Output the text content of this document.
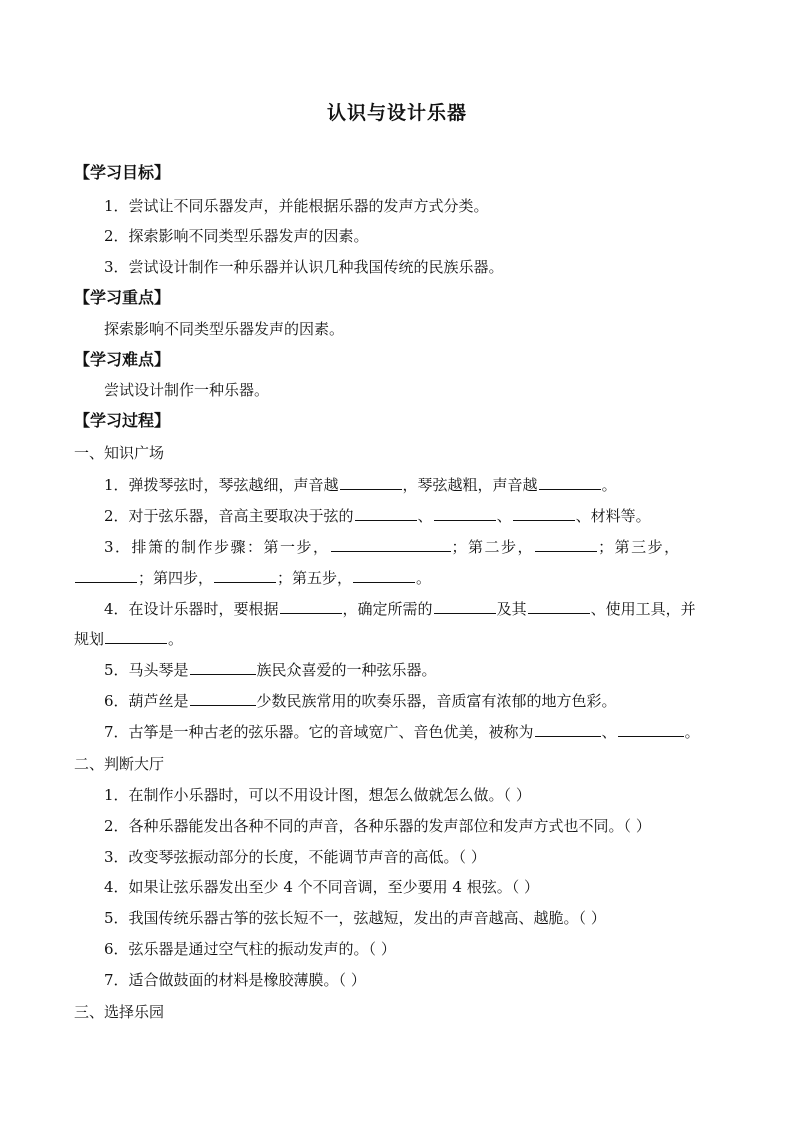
认识与设计乐器
【学习目标】
1．尝试让不同乐器发声，并能根据乐器的发声方式分类。
2．探索影响不同类型乐器发声的因素。
3．尝试设计制作一种乐器并认识几种我国传统的民族乐器。
【学习重点】
探索影响不同类型乐器发声的因素。
【学习难点】
尝试设计制作一种乐器。
【学习过程】
一、知识广场
1．弹拨琴弦时，琴弦越细，声音越	，琴弦越粗，声音越	。
2．对于弦乐器，音高主要取决于弦的	、	、	、材料等。
3．排箫的制作步骤：第一步，	；第二步，	；第三步，
；第四步，	；第五步，	。
4．在设计乐器时，要根据	，确定所需的	及其	、使用工具，并
规划	。
5．马头琴是	族民众喜爱的一种弦乐器。
6．葫芦丝是	少数民族常用的吹奏乐器，音质富有浓郁的地方色彩。
7．古筝是一种古老的弦乐器。它的音域宽广、音色优美，被称为	、	。
二、判断大厅
1．在制作小乐器时，可以不用设计图，想怎么做就怎么做。（ ）
2．各种乐器能发出各种不同的声音，各种乐器的发声部位和发声方式也不同。（ ）
3．改变琴弦振动部分的长度，不能调节声音的高低。（ ）
4．如果让弦乐器发出至少 4 个不同音调，至少要用 4 根弦。（ ）
5．我国传统乐器古筝的弦长短不一，弦越短，发出的声音越高、越脆。（ ）
6．弦乐器是通过空气柱的振动发声的。（ ）
7．适合做鼓面的材料是橡胶薄膜。（ ）
三、选择乐园
